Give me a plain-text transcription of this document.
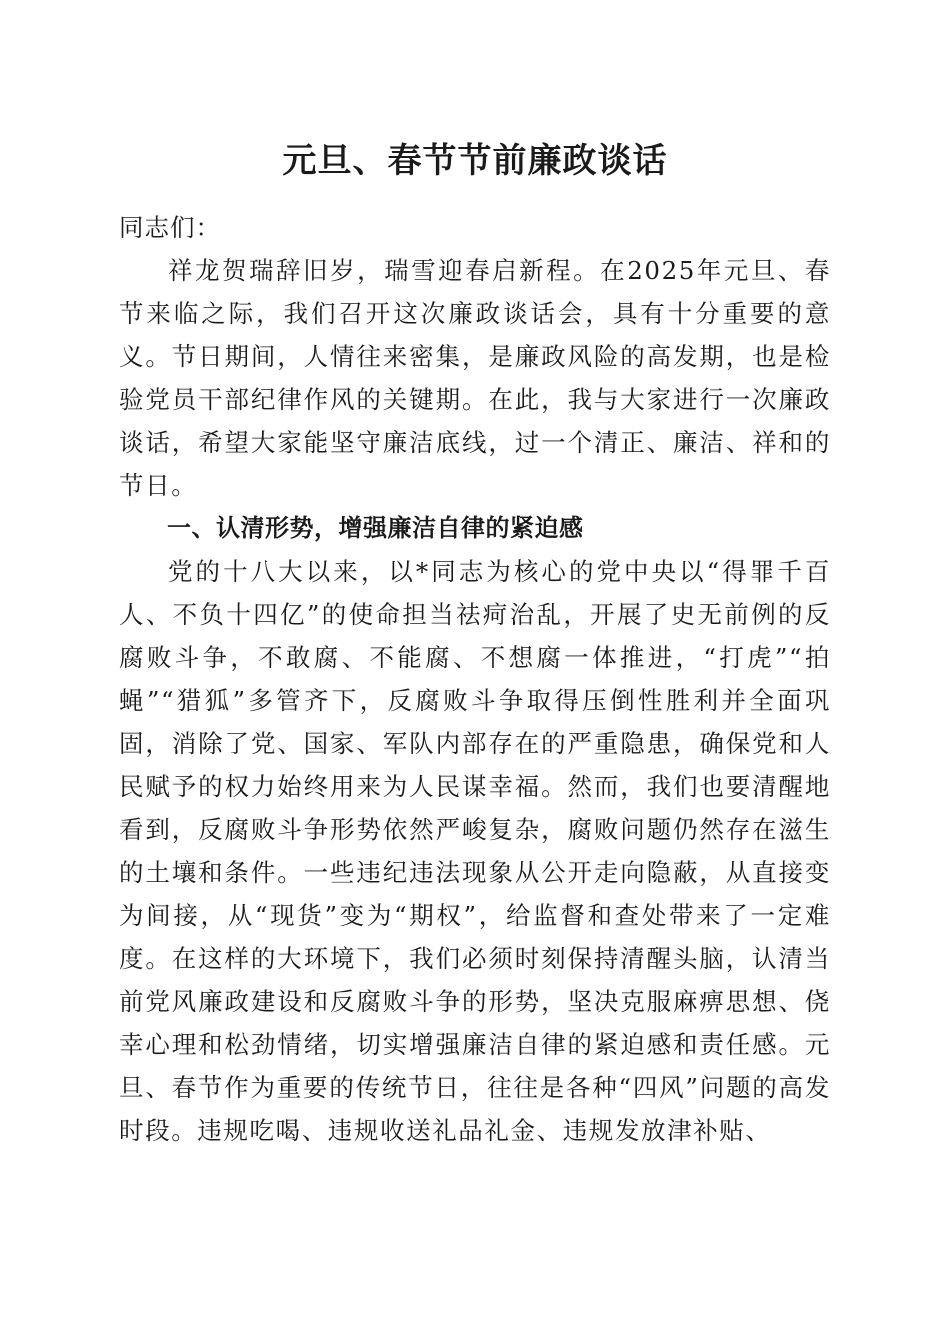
元旦、春节节前廉政谈话

同志们：

祥龙贺瑞辞旧岁，瑞雪迎春启新程。在2025年元旦、春节来临之际，我们召开这次廉政谈话会，具有十分重要的意义。节日期间，人情往来密集，是廉政风险的高发期，也是检验党员干部纪律作风的关键期。在此，我与大家进行一次廉政谈话，希望大家能坚守廉洁底线，过一个清正、廉洁、祥和的节日。

一、认清形势，增强廉洁自律的紧迫感

党的十八大以来，以*同志为核心的党中央以“得罪千百人、不负十四亿”的使命担当祛疴治乱，开展了史无前例的反腐败斗争，不敢腐、不能腐、不想腐一体推进，“打虎”“拍蝇”“猎狐”多管齐下，反腐败斗争取得压倒性胜利并全面巩固，消除了党、国家、军队内部存在的严重隐患，确保党和人民赋予的权力始终用来为人民谋幸福。然而，我们也要清醒地看到，反腐败斗争形势依然严峻复杂，腐败问题仍然存在滋生的土壤和条件。一些违纪违法现象从公开走向隐蔽，从直接变为间接，从“现货”变为“期权”，给监督和查处带来了一定难度。在这样的大环境下，我们必须时刻保持清醒头脑，认清当前党风廉政建设和反腐败斗争的形势，坚决克服麻痹思想、侥幸心理和松劲情绪，切实增强廉洁自律的紧迫感和责任感。元旦、春节作为重要的传统节日，往往是各种“四风”问题的高发时段。违规吃喝、违规收送礼品礼金、违规发放津补贴、
